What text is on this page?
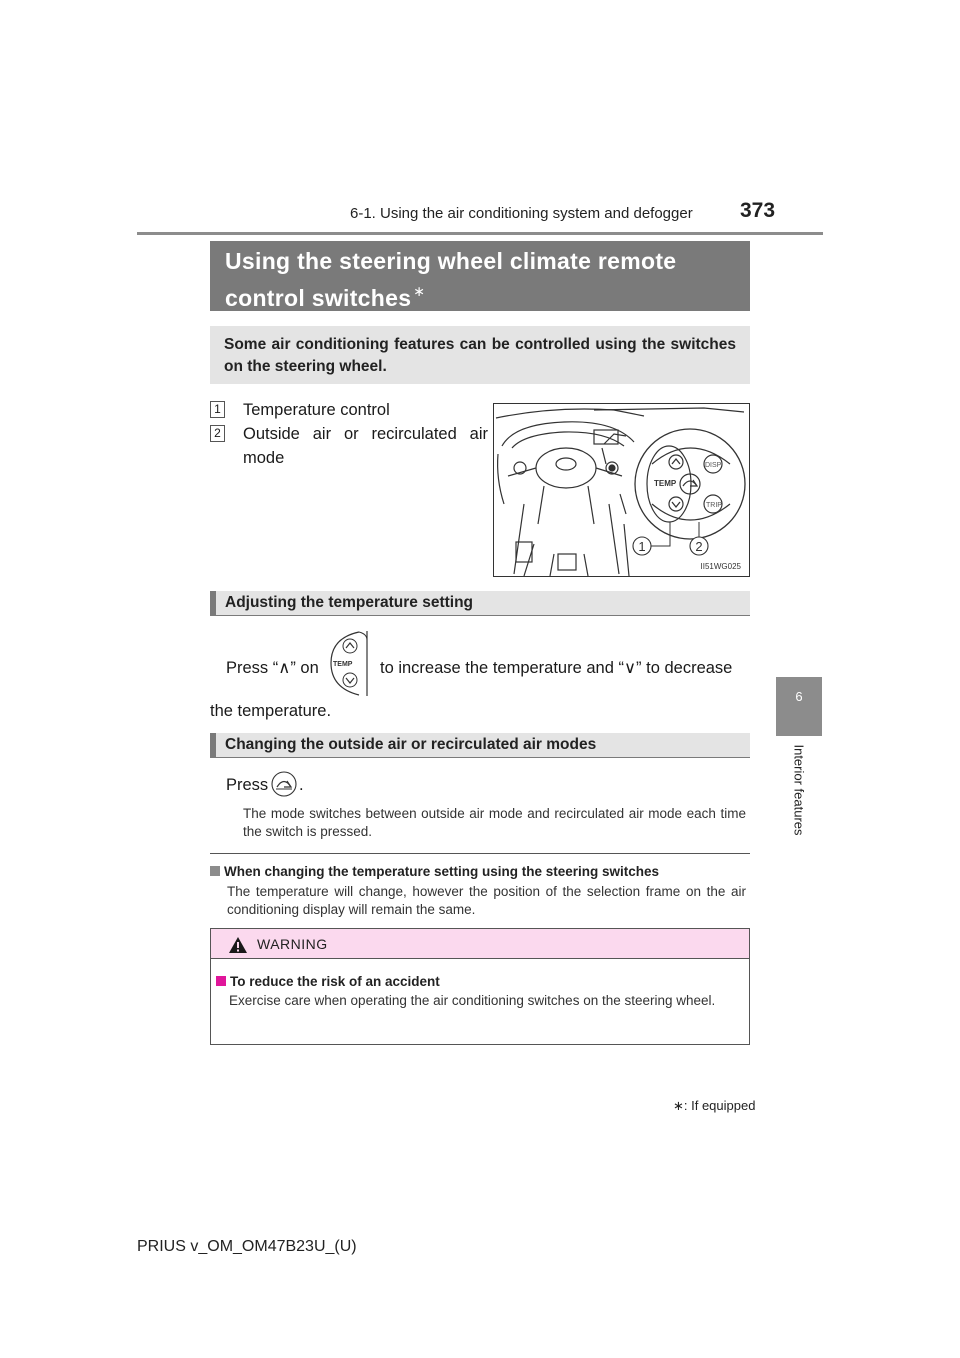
6-1. Using the air conditioning system and defogger 373
6
Interior features
Using the steering wheel climate remote control switches ∗
Some air conditioning features can be controlled using the switches on the steering wheel.
1 Temperature control
2 Outside air or recirculated air mode
TEMP
DISP
TRIP
1	2
II51WG025
Adjusting the temperature setting
Press “∧” on TEMP to increase the temperature and “∨” to decrease
the temperature.
Changing the outside air or recirculated air modes
Press .
The mode switches between outside air mode and recirculated air mode each time the switch is pressed.
When changing the temperature setting using the steering switches
The temperature will change, however the position of the selection frame on the air conditioning display will remain the same.
WARNING
To reduce the risk of an accident
Exercise care when operating the air conditioning switches on the steering wheel.
∗: If equipped
PRIUS v_OM_OM47B23U_(U)
